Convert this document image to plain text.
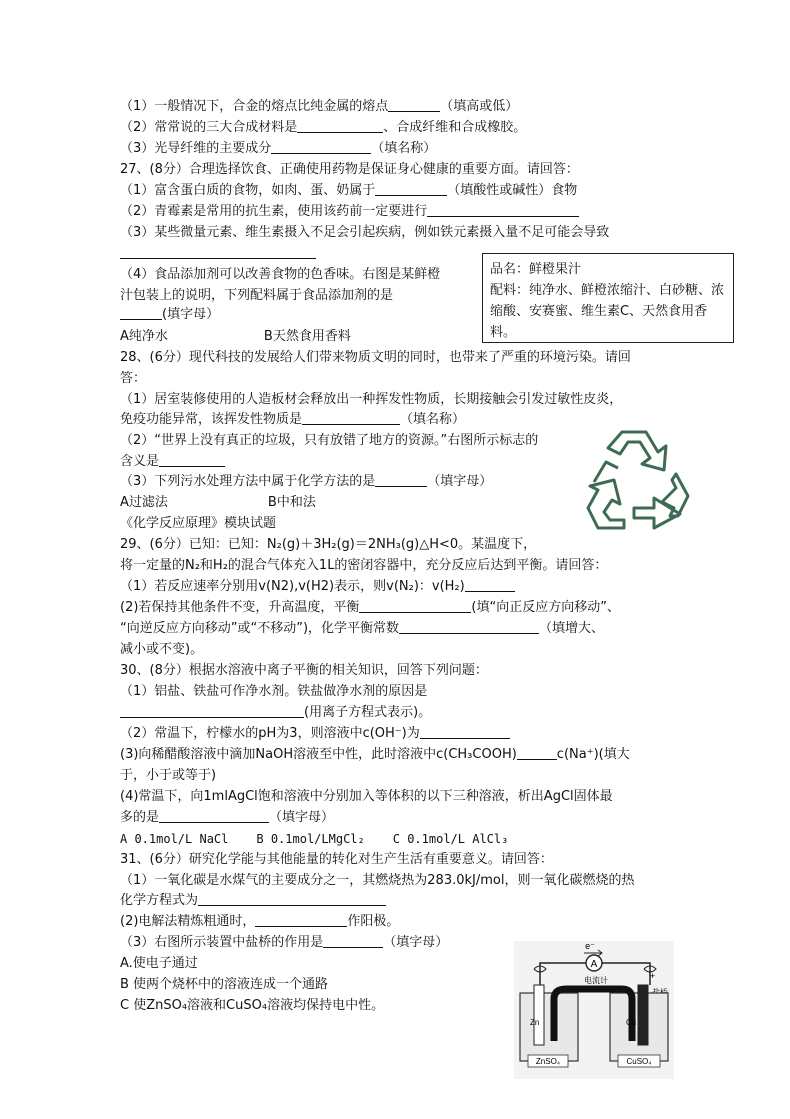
（1）一般情况下，合金的熔点比纯金属的熔点	（填高或低）
（2）常常说的三大合成材料是	、合成纤维和合成橡胶。
（3）光导纤维的主要成分	（填名称）
27、(8分）合理选择饮食、正确使用药物是保证身心健康的重要方面。请回答：
（1）富含蛋白质的食物，如肉、蛋、奶属于	（填酸性或碱性）食物
（2）青霉素是常用的抗生素，使用该药前一定要进行
（3）某些微量元素、维生素摄入不足会引起疾病，例如铁元素摄入量不足可能会导致
（4）食品添加剂可以改善食物的色香味。右图是某鲜橙
汁包装上的说明，下列配料属于食品添加剂的是
(填字母）
A纯净水	B天然食用香料
品名：鲜橙果汁
配料：纯净水、鲜橙浓缩汁、白砂糖、浓缩酸、安赛蜜、维生素C、天然食用香料。
28、(6分）现代科技的发展给人们带来物质文明的同时，也带来了严重的环境污染。请回
答：
（1）居室装修使用的人造板材会释放出一种挥发性物质，长期接触会引发过敏性皮炎，
免疫功能异常，该挥发性物质是	（填名称）
（2）“世界上没有真正的垃圾，只有放错了地方的资源。”右图所示标志的
含义是
（3）下列污水处理方法中属于化学方法的是	（填字母）
A过滤法	B中和法
《化学反应原理》模块试题
29、(6分）已知：已知：N₂(g)＋3H₂(g)＝2NH₃(g)△H<0。某温度下，
将一定量的N₂和H₂的混合气体充入1L的密闭容器中，充分反应后达到平衡。请回答：
（1）若反应速率分别用v(N2),v(H2)表示，则v(N₂)：v(H₂)
(2)若保持其他条件不变，升高温度，平衡	(填“向正反应方向移动”、
“向逆反应方向移动”或“不移动”)，化学平衡常数	（填增大、
减小或不变)。
30、(8分）根据水溶液中离子平衡的相关知识，回答下列问题：
（1）铝盐、铁盐可作净水剂。铁盐做净水剂的原因是
(用离子方程式表示)。
（2）常温下，柠檬水的pH为3，则溶液中c(OH⁻)为
(3)向稀醋酸溶液中滴加NaOH溶液至中性，此时溶液中c(CH₃COOH)	c(Na⁺)(填大
于，小于或等于)
(4)常温下，向1mlAgCl饱和溶液中分别加入等体积的以下三种溶液，析出AgCl固体最
多的是	（填字母）
A 0.1mol/L NaCl B 0.1mol/LMgCl₂ C 0.1mol/L AlCl₃
31、(6分）研究化学能与其他能量的转化对生产生活有重要意义。请回答：
（1）一氧化碳是水煤气的主要成分之一，其燃烧热为283.0kJ/mol，则一氧化碳燃烧的热
化学方程式为
(2)电解法精炼粗通时，	作阳极。
（3）右图所示装置中盐桥的作用是	（填字母）
A.使电子通过
B 使两个烧杯中的溶液连成一个通路
C 使ZnSO₄溶液和CuSO₄溶液均保持电中性。
A
e⁻
电流计	+
Zn	Cu
ZnSO₄	CuSO₄
